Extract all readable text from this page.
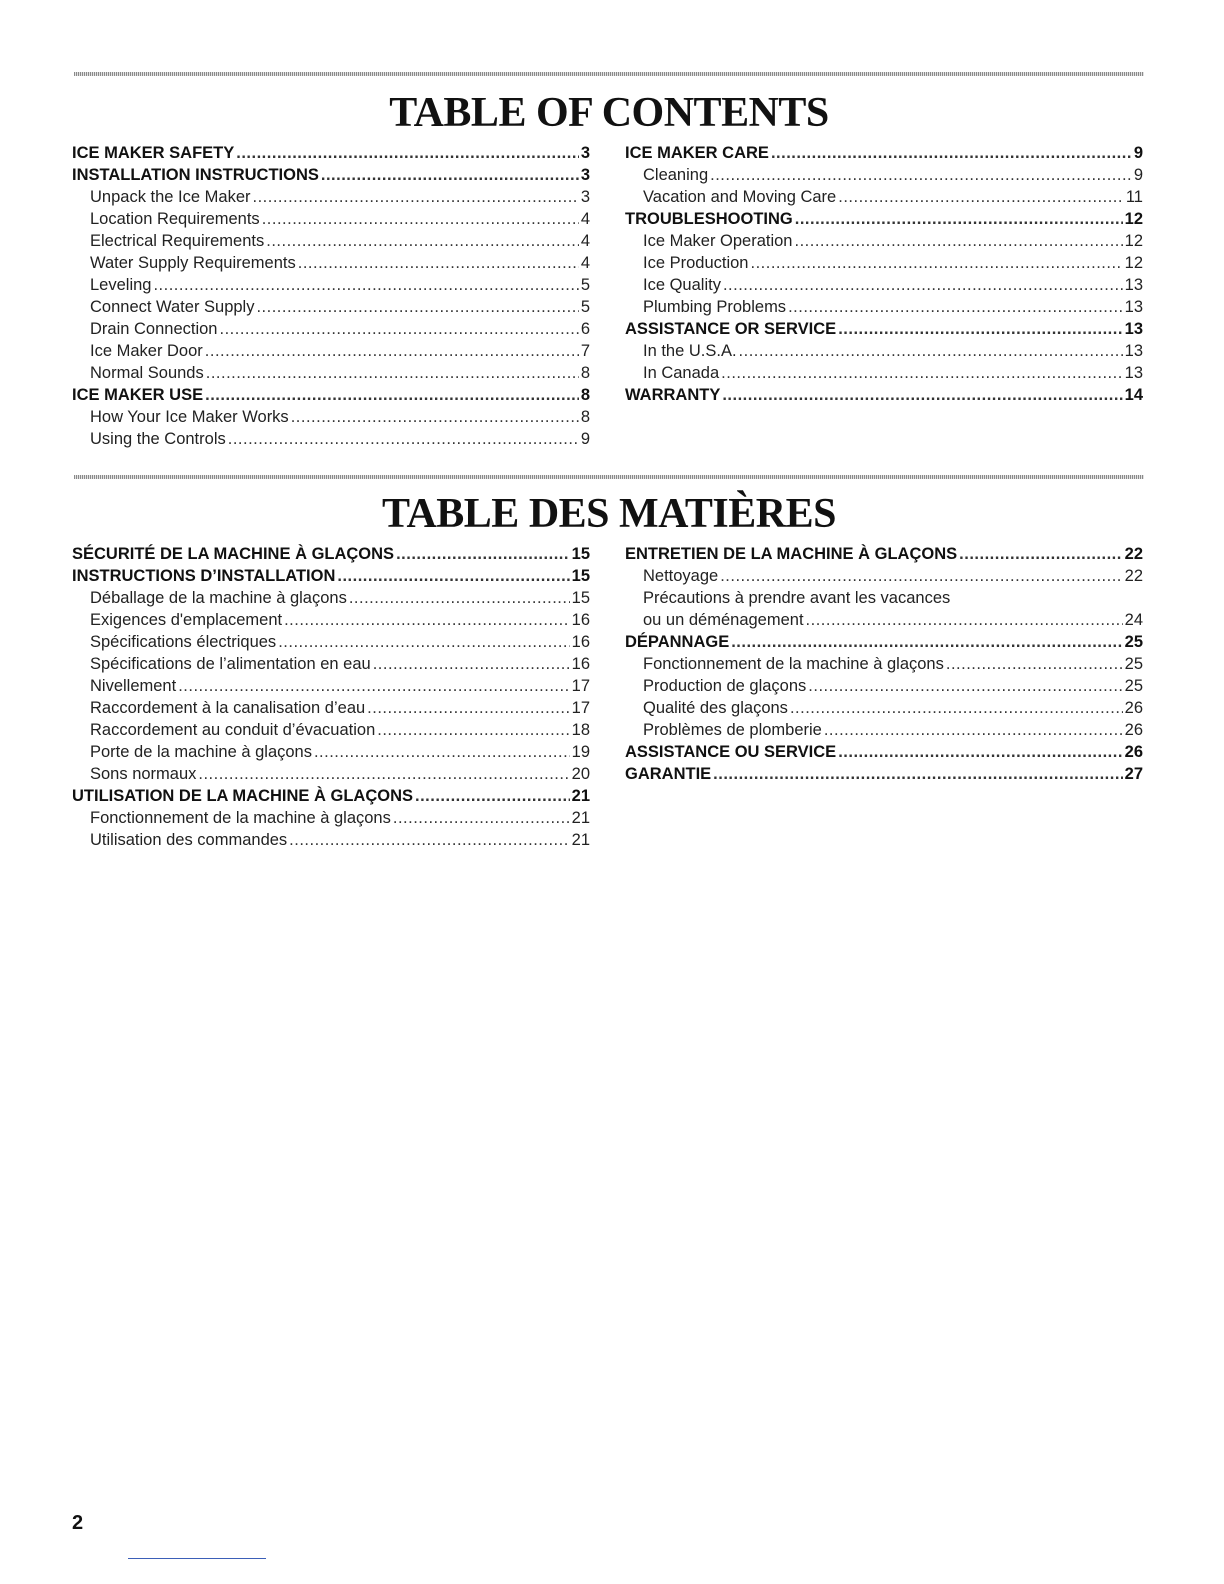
TABLE OF CONTENTS
ICE MAKER SAFETY .....	3
INSTALLATION INSTRUCTIONS .....	3
Unpack the Ice Maker .....	3
Location Requirements .....	4
Electrical Requirements .....	4
Water Supply Requirements .....	4
Leveling .....	5
Connect Water Supply .....	5
Drain Connection .....	6
Ice Maker Door .....	7
Normal Sounds .....	8
ICE MAKER USE .....	8
How Your Ice Maker Works .....	8
Using the Controls .....	9
ICE MAKER CARE .....	9
Cleaning .....	9
Vacation and Moving Care .....	11
TROUBLESHOOTING .....	12
Ice Maker Operation .....	12
Ice Production .....	12
Ice Quality .....	13
Plumbing Problems .....	13
ASSISTANCE OR SERVICE .....	13
In the U.S.A. .....	13
In Canada .....	13
WARRANTY .....	14
TABLE DES MATIÈRES
SÉCURITÉ DE LA MACHINE À GLAÇONS .....	15
INSTRUCTIONS D’INSTALLATION .....	15
Déballage de la machine à glaçons .....	15
Exigences d'emplacement .....	16
Spécifications électriques .....	16
Spécifications de l’alimentation en eau .....	16
Nivellement .....	17
Raccordement à la canalisation d’eau .....	17
Raccordement au conduit d’évacuation .....	18
Porte de la machine à glaçons .....	19
Sons normaux .....	20
UTILISATION DE LA MACHINE À GLAÇONS .....	21
Fonctionnement de la machine à glaçons .....	21
Utilisation des commandes .....	21
ENTRETIEN DE LA MACHINE À GLAÇONS .....	22
Nettoyage .....	22
Précautions à prendre avant les vacances
ou un déménagement .....	24
DÉPANNAGE .....	25
Fonctionnement de la machine à glaçons .....	25
Production de glaçons .....	25
Qualité des glaçons .....	26
Problèmes de plomberie .....	26
ASSISTANCE OU SERVICE .....	26
GARANTIE .....	27
2
